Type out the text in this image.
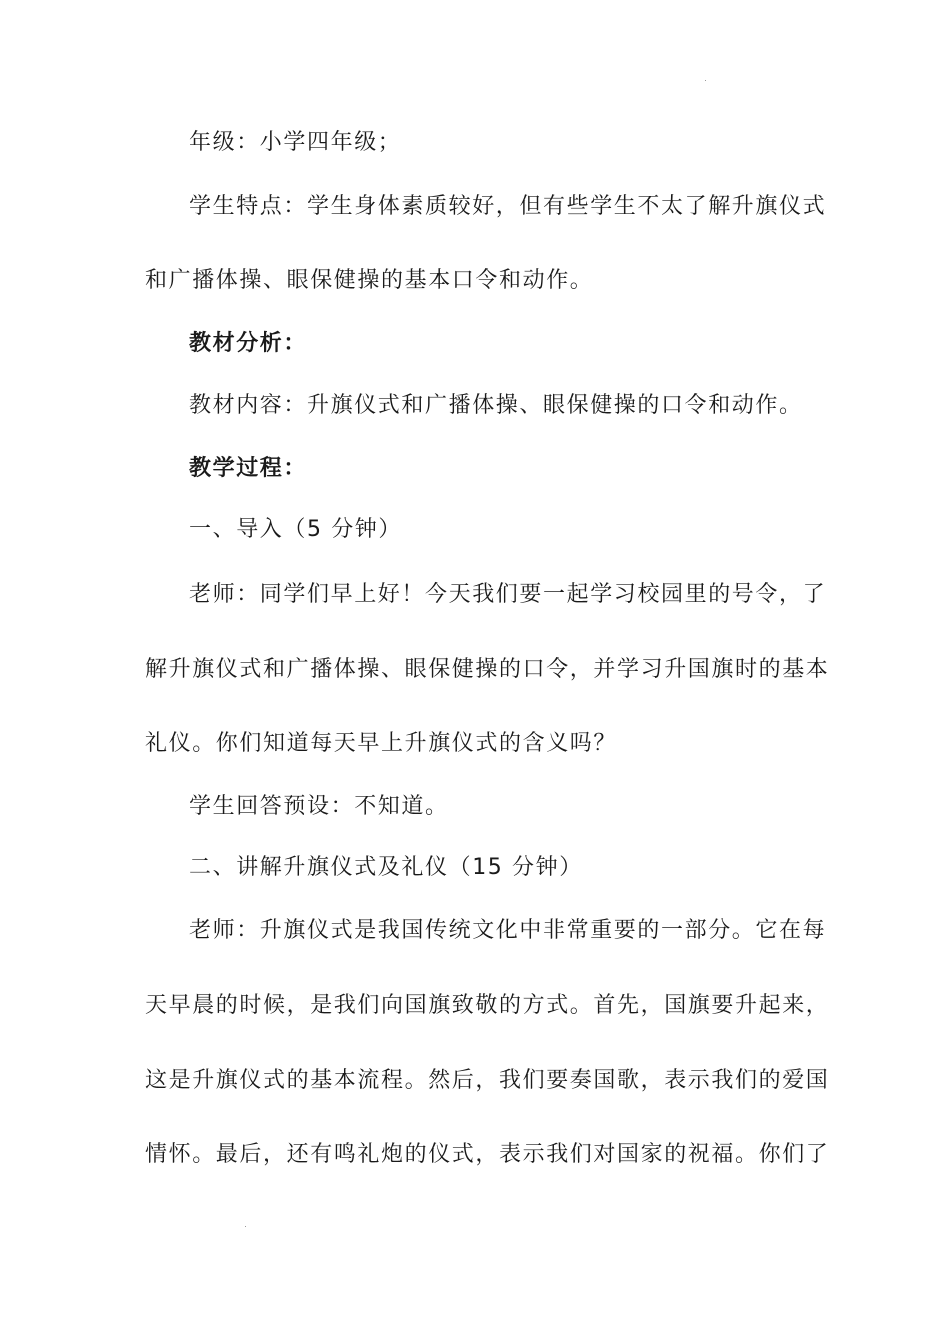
年级：小学四年级；
学生特点：学生身体素质较好，但有些学生不太了解升旗仪式
和广播体操、眼保健操的基本口令和动作。
教材分析：
教材内容：升旗仪式和广播体操、眼保健操的口令和动作。
教学过程：
一、导入（5 分钟）
老师：同学们早上好！今天我们要一起学习校园里的号令，了
解升旗仪式和广播体操、眼保健操的口令，并学习升国旗时的基本
礼仪。你们知道每天早上升旗仪式的含义吗？
学生回答预设：不知道。
二、讲解升旗仪式及礼仪（15 分钟）
老师：升旗仪式是我国传统文化中非常重要的一部分。它在每
天早晨的时候，是我们向国旗致敬的方式。首先，国旗要升起来，
这是升旗仪式的基本流程。然后，我们要奏国歌，表示我们的爱国
情怀。最后，还有鸣礼炮的仪式，表示我们对国家的祝福。你们了
